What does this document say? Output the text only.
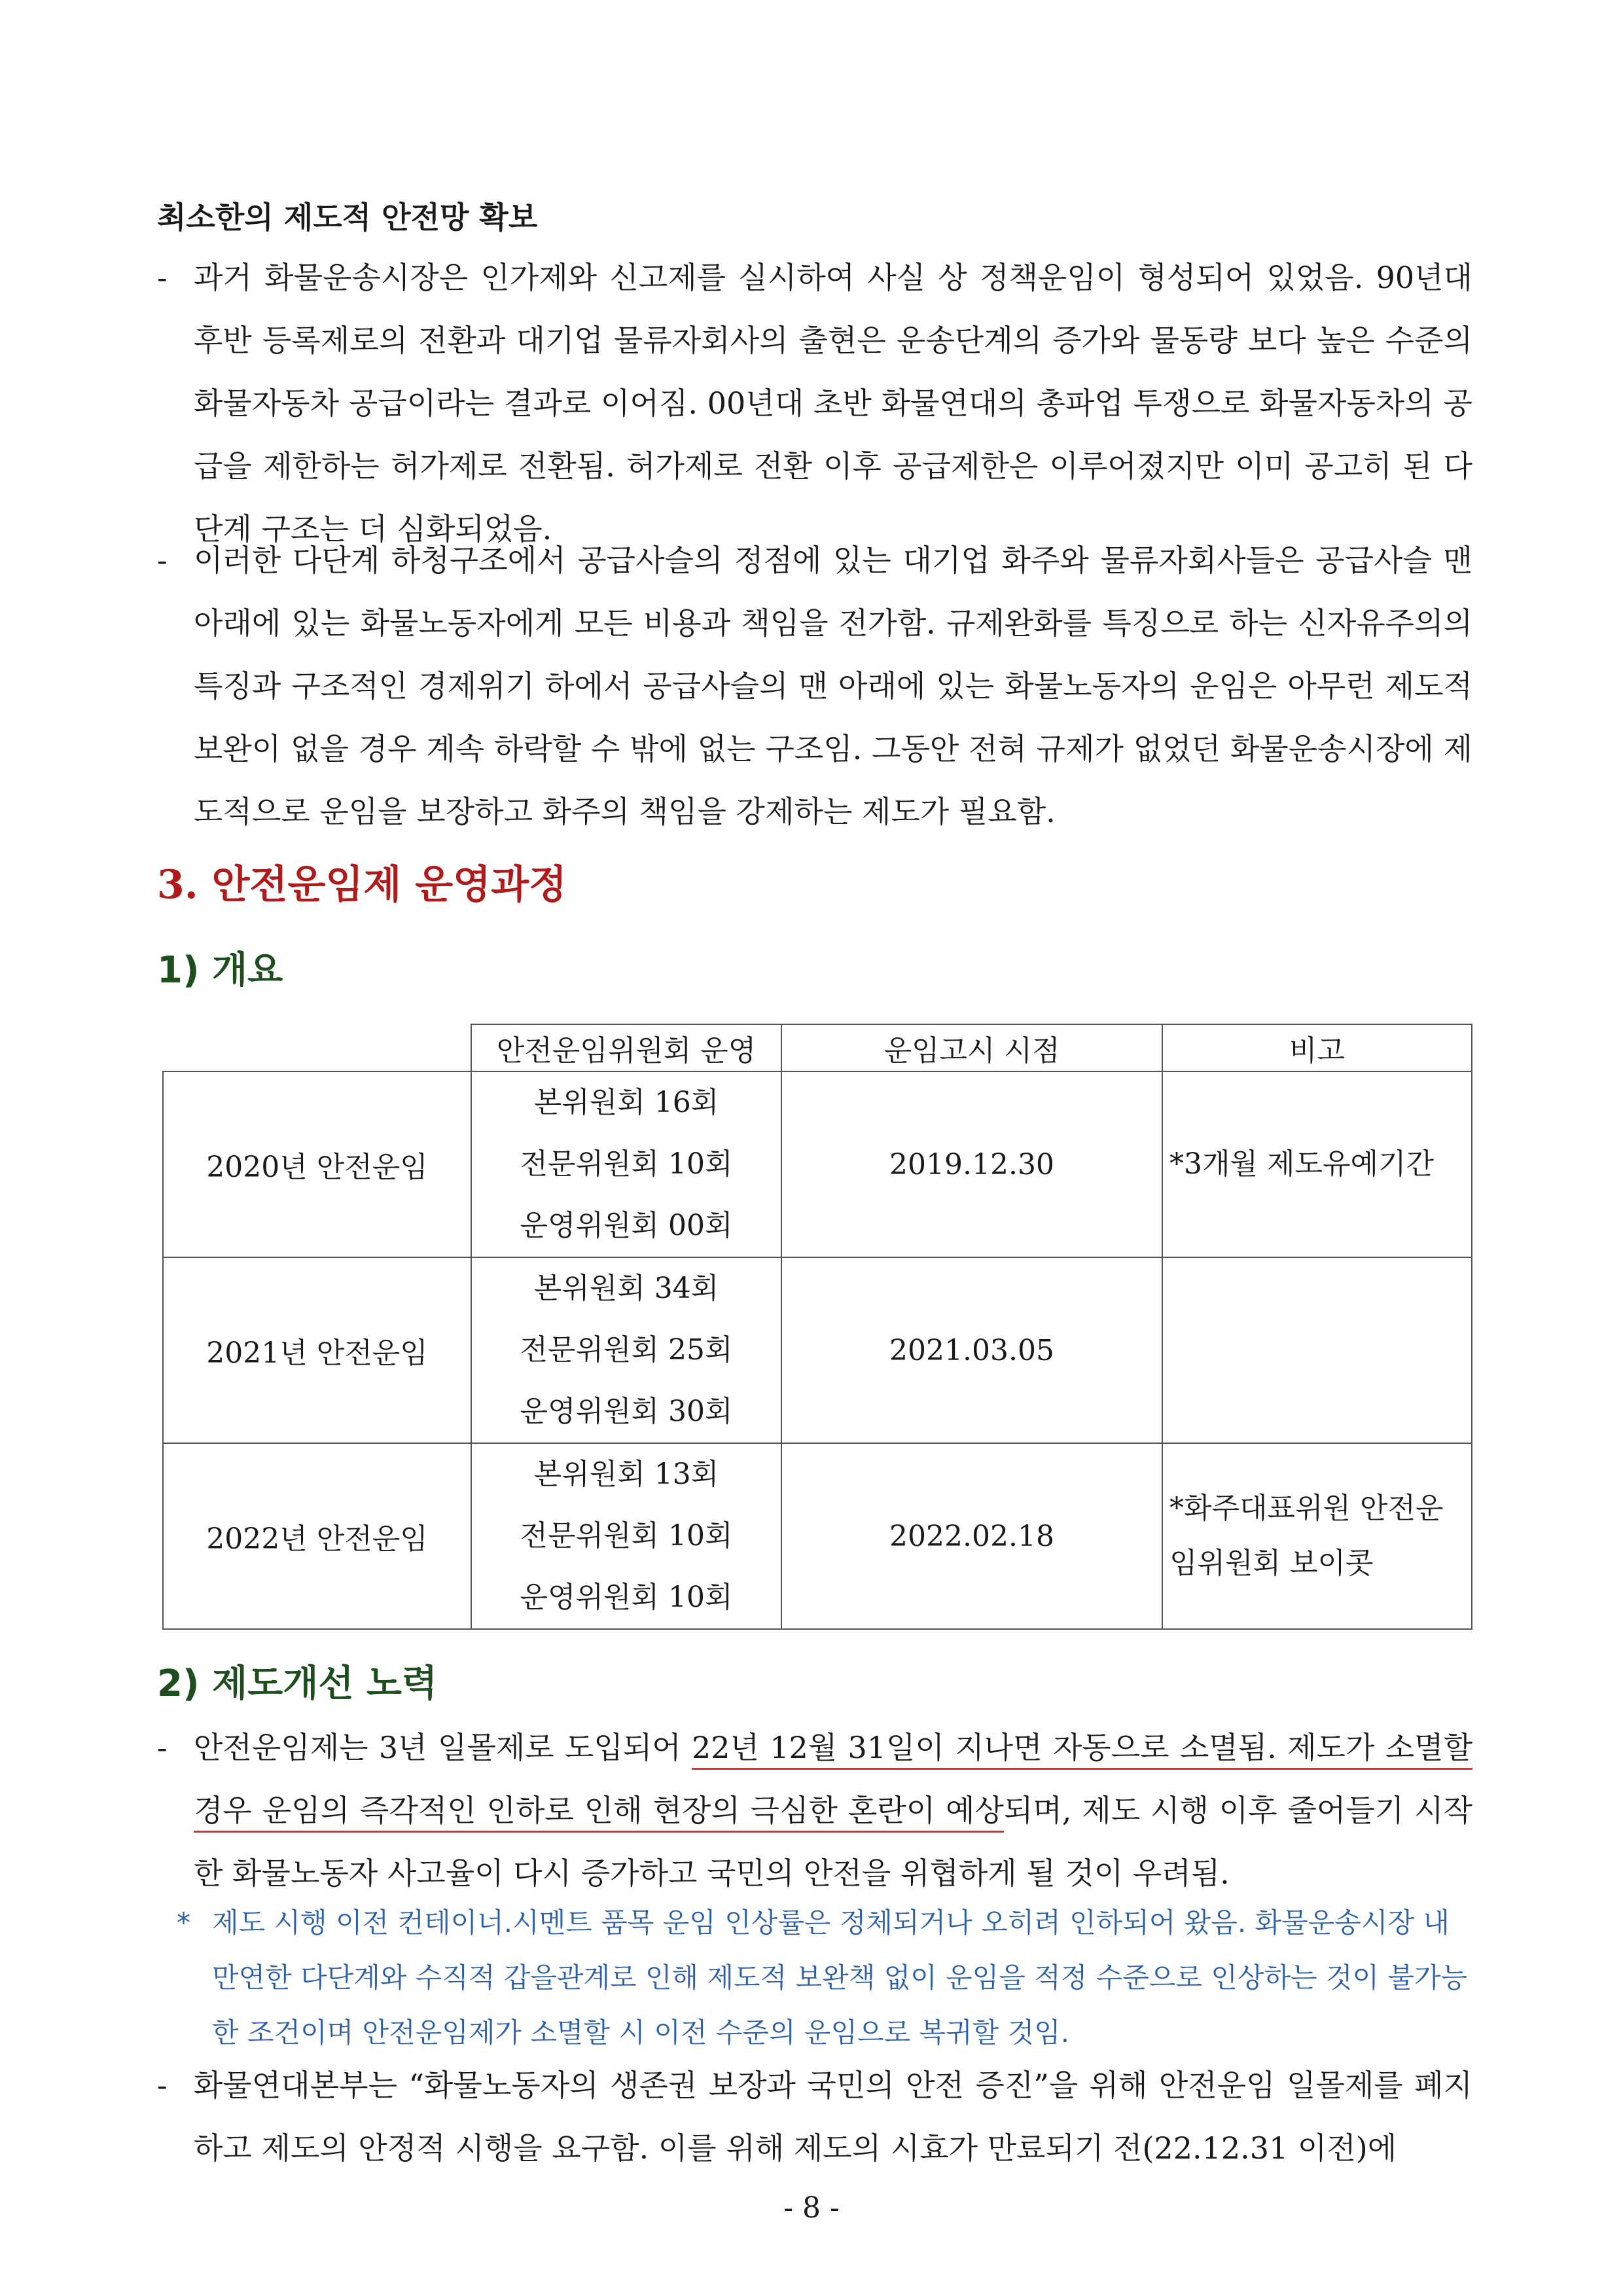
최소한의 제도적 안전망 확보
- 과거 화물운송시장은 인가제와 신고제를 실시하여 사실 상 정책운임이 형성되어 있었음. 90년대 후반 등록제로의 전환과 대기업 물류자회사의 출현은 운송단계의 증가와 물동량 보다 높은 수준의 화물자동차 공급이라는 결과로 이어짐. 00년대 초반 화물연대의 총파업 투쟁으로 화물자동차의 공급을 제한하는 허가제로 전환됨. 허가제로 전환 이후 공급제한은 이루어졌지만 이미 공고히 된 다단계 구조는 더 심화되었음.
- 이러한 다단계 하청구조에서 공급사슬의 정점에 있는 대기업 화주와 물류자회사들은 공급사슬 맨 아래에 있는 화물노동자에게 모든 비용과 책임을 전가함. 규제완화를 특징으로 하는 신자유주의의 특징과 구조적인 경제위기 하에서 공급사슬의 맨 아래에 있는 화물노동자의 운임은 아무런 제도적 보완이 없을 경우 계속 하락할 수 밖에 없는 구조임. 그동안 전혀 규제가 없었던 화물운송시장에 제도적으로 운임을 보장하고 화주의 책임을 강제하는 제도가 필요함.
3. 안전운임제 운영과정
1) 개요
	안전운임위원회 운영	운임고시 시점	비고
2020년 안전운임	본위원회 16회
전문위원회 10회
운영위원회 00회	2019.12.30	*3개월 제도유예기간
2021년 안전운임	본위원회 34회
전문위원회 25회
운영위원회 30회	2021.03.05	
2022년 안전운임	본위원회 13회
전문위원회 10회
운영위원회 10회	2022.02.18	*화주대표위원 안전운임위원회 보이콧
2) 제도개선 노력
- 안전운임제는 3년 일몰제로 도입되어 22년 12월 31일이 지나면 자동으로 소멸됨. 제도가 소멸할 경우 운임의 즉각적인 인하로 인해 현장의 극심한 혼란이 예상되며, 제도 시행 이후 줄어들기 시작한 화물노동자 사고율이 다시 증가하고 국민의 안전을 위협하게 될 것이 우려됨.
* 제도 시행 이전 컨테이너.시멘트 품목 운임 인상률은 정체되거나 오히려 인하되어 왔음. 화물운송시장 내 만연한 다단계와 수직적 갑을관계로 인해 제도적 보완책 없이 운임을 적정 수준으로 인상하는 것이 불가능한 조건이며 안전운임제가 소멸할 시 이전 수준의 운임으로 복귀할 것임.
- 화물연대본부는 “화물노동자의 생존권 보장과 국민의 안전 증진”을 위해 안전운임 일몰제를 폐지하고 제도의 안정적 시행을 요구함. 이를 위해 제도의 시효가 만료되기 전(22.12.31 이전)에
- 8 -
